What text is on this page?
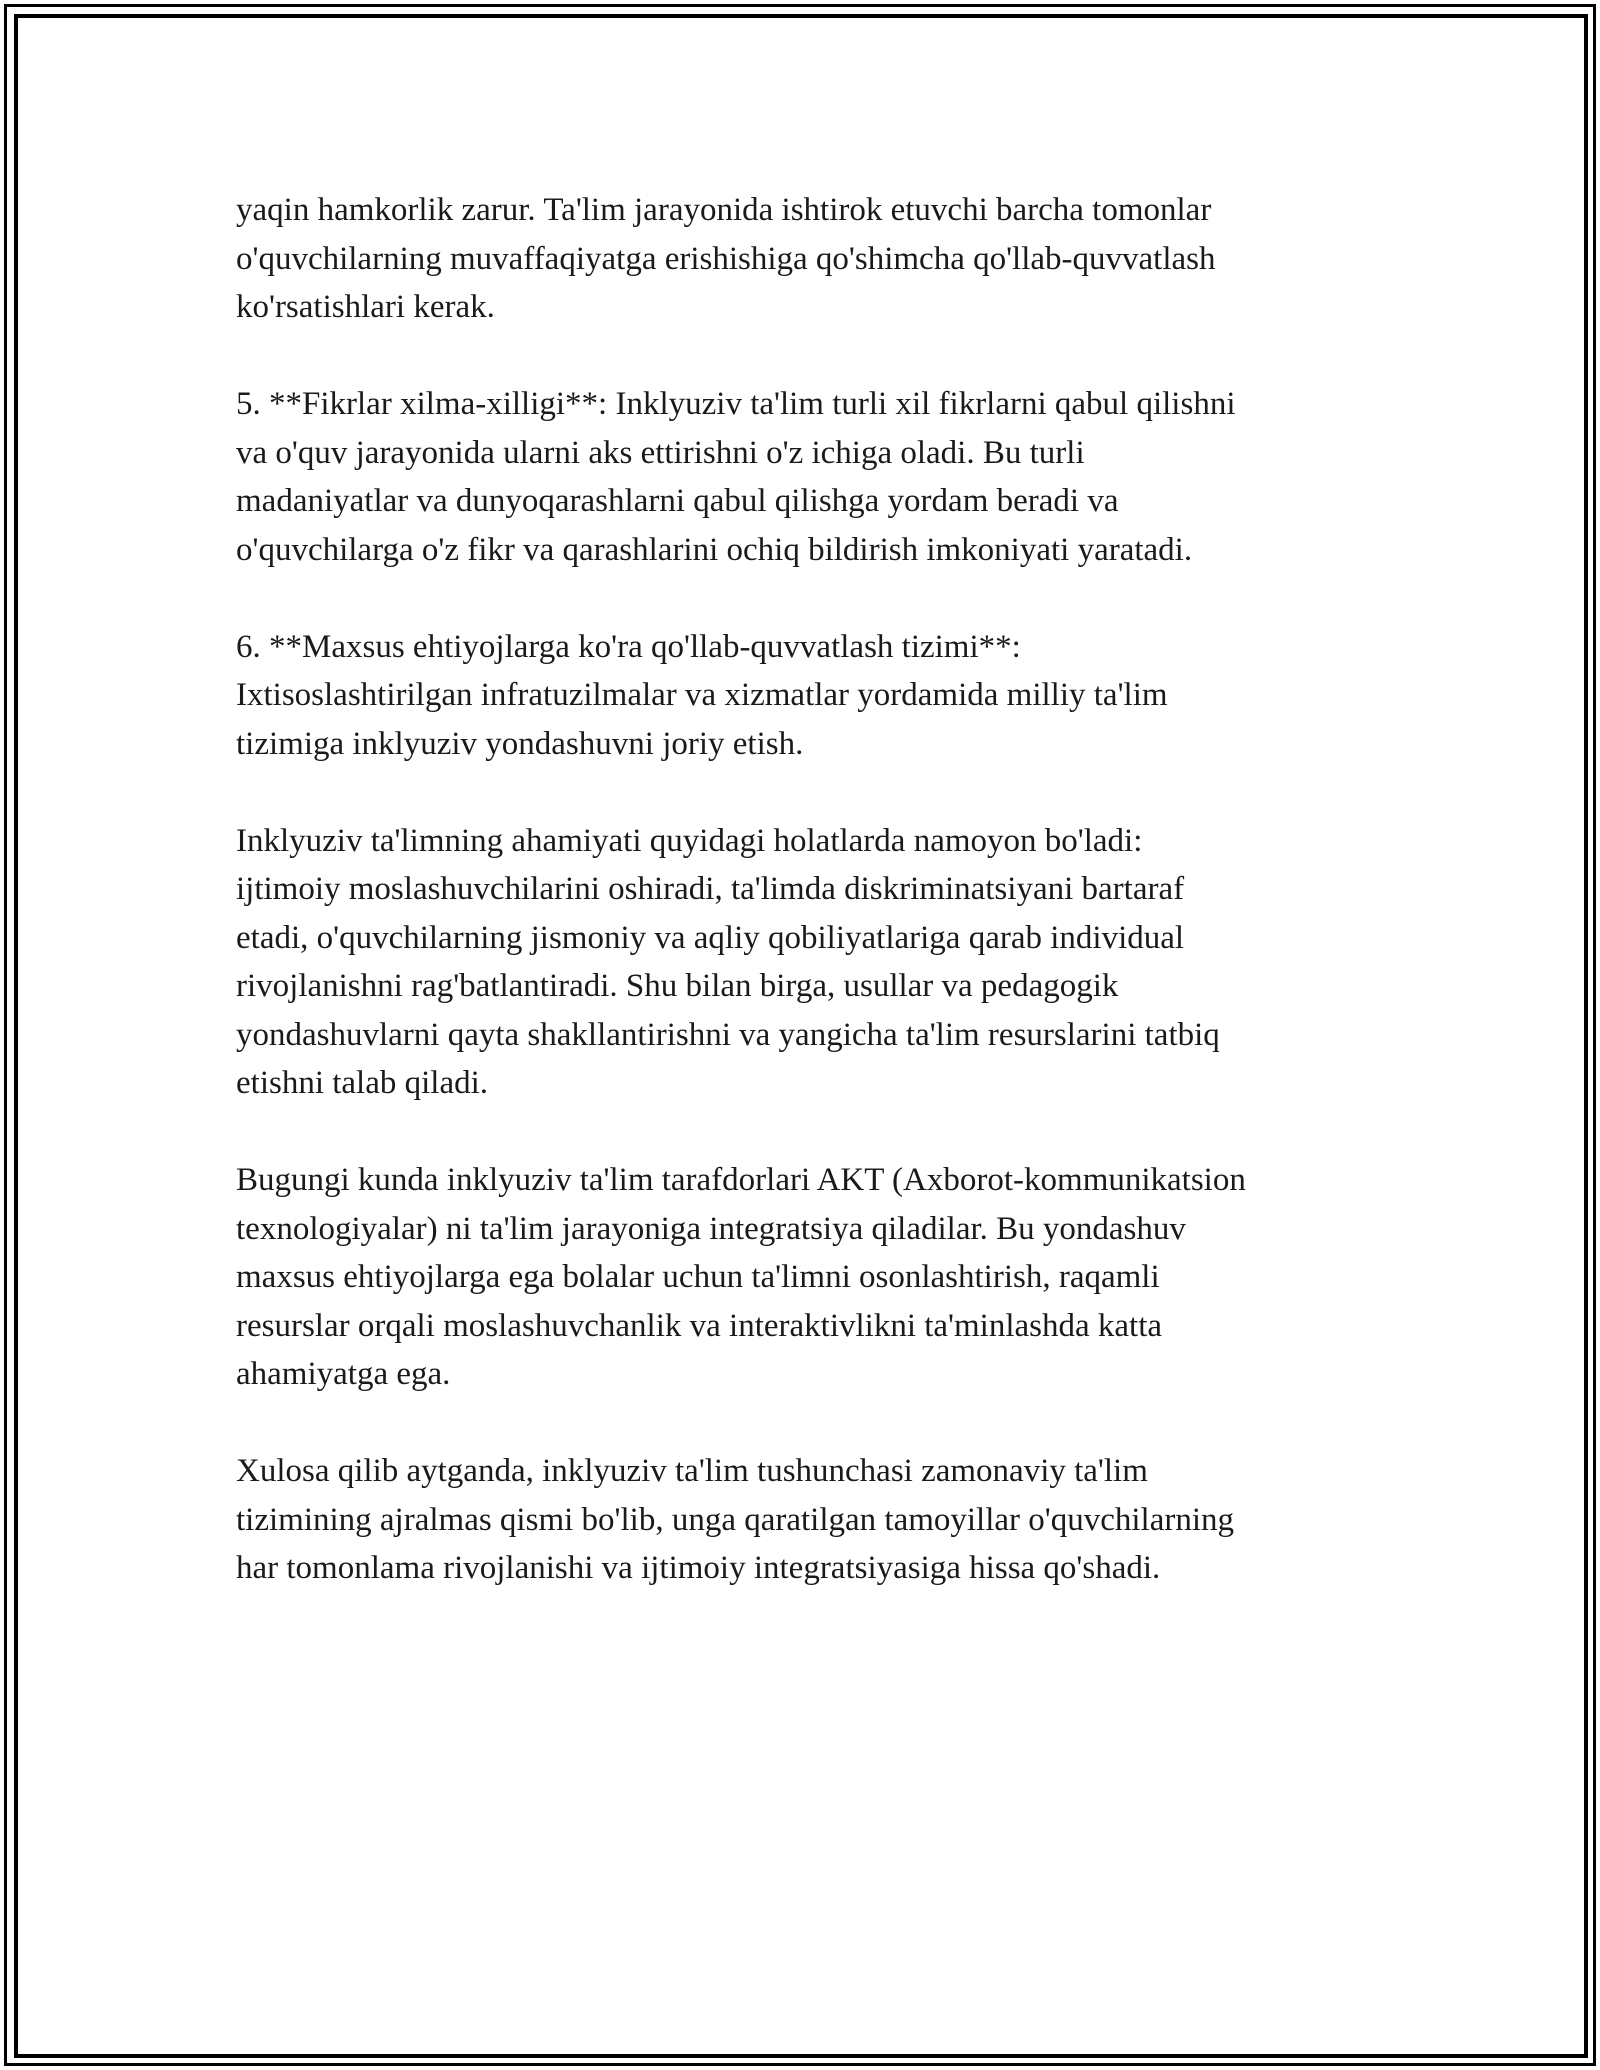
yaqin hamkorlik zarur. Ta'lim jarayonida ishtirok etuvchi barcha tomonlar
o'quvchilarning muvaffaqiyatga erishishiga qo'shimcha qo'llab-quvvatlash
ko'rsatishlari kerak.

5. **Fikrlar xilma-xilligi**: Inklyuziv ta'lim turli xil fikrlarni qabul qilishni
va o'quv jarayonida ularni aks ettirishni o'z ichiga oladi. Bu turli
madaniyatlar va dunyoqarashlarni qabul qilishga yordam beradi va
o'quvchilarga o'z fikr va qarashlarini ochiq bildirish imkoniyati yaratadi.

6. **Maxsus ehtiyojlarga ko'ra qo'llab-quvvatlash tizimi**:
Ixtisoslashtirilgan infratuzilmalar va xizmatlar yordamida milliy ta'lim
tizimiga inklyuziv yondashuvni joriy etish.

Inklyuziv ta'limning ahamiyati quyidagi holatlarda namoyon bo'ladi:
ijtimoiy moslashuvchilarini oshiradi, ta'limda diskriminatsiyani bartaraf
etadi, o'quvchilarning jismoniy va aqliy qobiliyatlariga qarab individual
rivojlanishni rag'batlantiradi. Shu bilan birga, usullar va pedagogik
yondashuvlarni qayta shakllantirishni va yangicha ta'lim resurslarini tatbiq
etishni talab qiladi.

Bugungi kunda inklyuziv ta'lim tarafdorlari AKT (Axborot-kommunikatsion
texnologiyalar) ni ta'lim jarayoniga integratsiya qiladilar. Bu yondashuv
maxsus ehtiyojlarga ega bolalar uchun ta'limni osonlashtirish, raqamli
resurslar orqali moslashuvchanlik va interaktivlikni ta'minlashda katta
ahamiyatga ega.

Xulosa qilib aytganda, inklyuziv ta'lim tushunchasi zamonaviy ta'lim
tizimining ajralmas qismi bo'lib, unga qaratilgan tamoyillar o'quvchilarning
har tomonlama rivojlanishi va ijtimoiy integratsiyasiga hissa qo'shadi.
